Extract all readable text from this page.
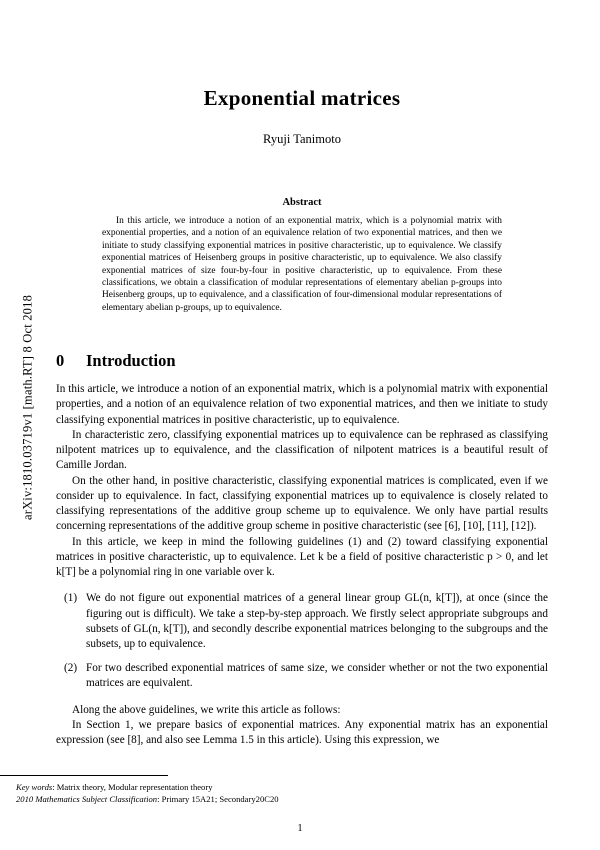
arXiv:1810.03719v1 [math.RT] 8 Oct 2018
Exponential matrices
Ryuji Tanimoto
Abstract

In this article, we introduce a notion of an exponential matrix, which is a polynomial matrix with exponential properties, and a notion of an equivalence relation of two exponential matrices, and then we initiate to study classifying exponential matrices in positive characteristic, up to equivalence. We classify exponential matrices of Heisenberg groups in positive characteristic, up to equivalence. We also classify exponential matrices of size four-by-four in positive characteristic, up to equivalence. From these classifications, we obtain a classification of modular representations of elementary abelian p-groups into Heisenberg groups, up to equivalence, and a classification of four-dimensional modular representations of elementary abelian p-groups, up to equivalence.

0 Introduction

In this article, we introduce a notion of an exponential matrix, which is a polynomial matrix with exponential properties, and a notion of an equivalence relation of two exponential matrices, and then we initiate to study classifying exponential matrices in positive characteristic, up to equivalence.

In characteristic zero, classifying exponential matrices up to equivalence can be rephrased as classifying nilpotent matrices up to equivalence, and the classification of nilpotent matrices is a beautiful result of Camille Jordan.

On the other hand, in positive characteristic, classifying exponential matrices is complicated, even if we consider up to equivalence. In fact, classifying exponential matrices up to equivalence is closely related to classifying representations of the additive group scheme up to equivalence. We only have partial results concerning representations of the additive group scheme in positive characteristic (see [6], [10], [11], [12]).

In this article, we keep in mind the following guidelines (1) and (2) toward classifying exponential matrices in positive characteristic, up to equivalence. Let k be a field of positive characteristic p > 0, and let k[T] be a polynomial ring in one variable over k.

(1) We do not figure out exponential matrices of a general linear group GL(n, k[T]), at once (since the figuring out is difficult). We take a step-by-step approach. We firstly select appropriate subgroups and subsets of GL(n, k[T]), and secondly describe exponential matrices belonging to the subgroups and the subsets, up to equivalence.
(2) For two described exponential matrices of same size, we consider whether or not the two exponential matrices are equivalent.

Along the above guidelines, we write this article as follows:

In Section 1, we prepare basics of exponential matrices. Any exponential matrix has an exponential expression (see [8], and also see Lemma 1.5 in this article). Using this expression, we

Key words: Matrix theory, Modular representation theory
2010 Mathematics Subject Classification: Primary 15A21; Secondary20C20
1
